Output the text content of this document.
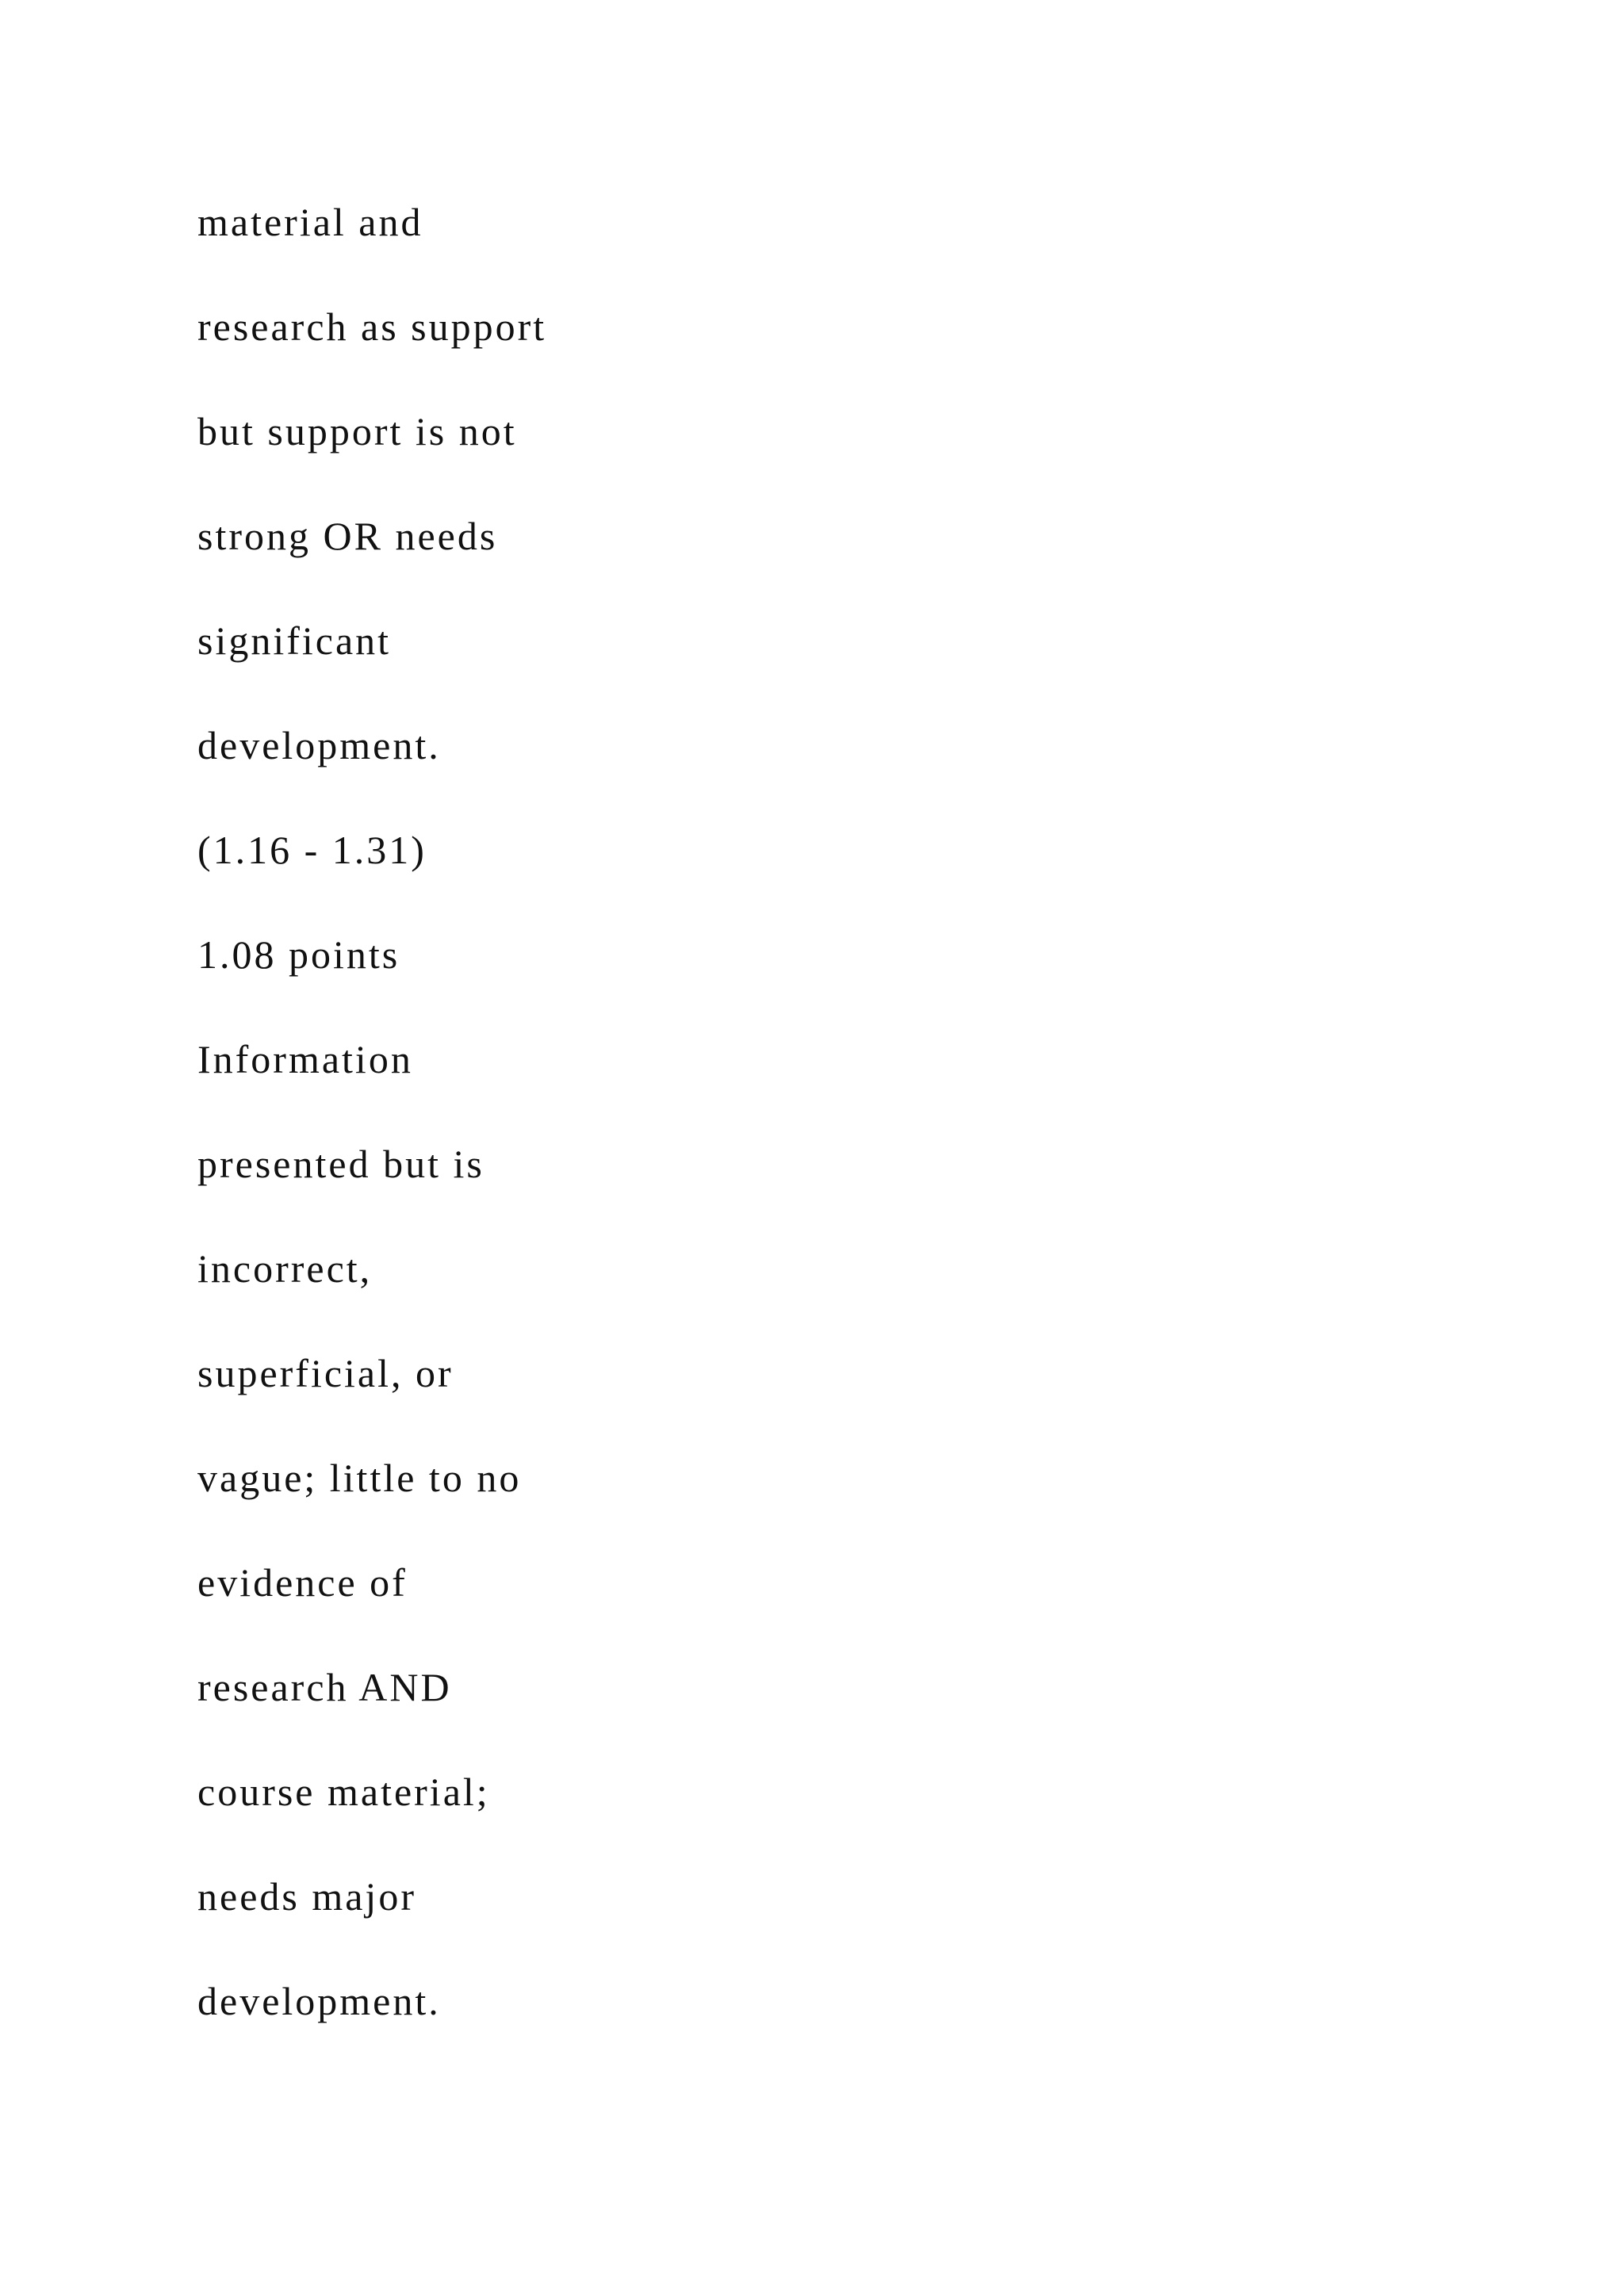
material and
research as support
but support is not
strong OR needs
significant
development.
(1.16 - 1.31)
1.08 points
Information
presented but is
incorrect,
superficial, or
vague; little to no
evidence of
research AND
course material;
needs major
development.
